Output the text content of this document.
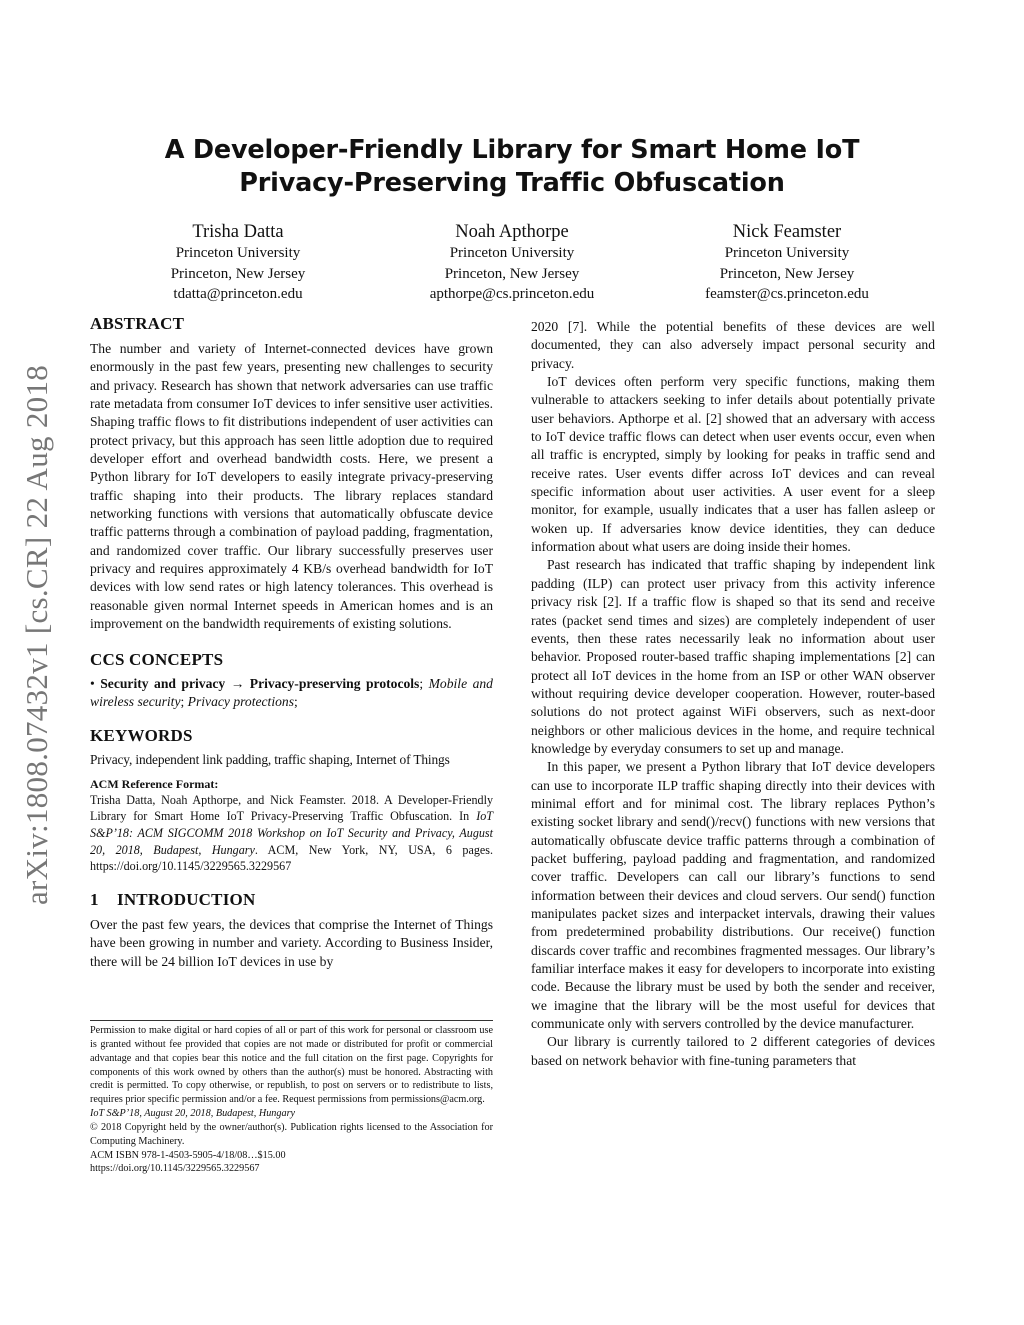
arXiv:1808.07432v1 [cs.CR] 22 Aug 2018
A Developer-Friendly Library for Smart Home IoT
Privacy-Preserving Traffic Obfuscation
Trisha Datta
Princeton University
Princeton, New Jersey
tdatta@princeton.edu
Noah Apthorpe
Princeton University
Princeton, New Jersey
apthorpe@cs.princeton.edu
Nick Feamster
Princeton University
Princeton, New Jersey
feamster@cs.princeton.edu
ABSTRACT

The number and variety of Internet-connected devices have grown enormously in the past few years, presenting new challenges to security and privacy. Research has shown that network adversaries can use traffic rate metadata from consumer IoT devices to infer sensitive user activities. Shaping traffic flows to fit distributions independent of user activities can protect privacy, but this approach has seen little adoption due to required developer effort and overhead bandwidth costs. Here, we present a Python library for IoT developers to easily integrate privacy-preserving traffic shaping into their products. The library replaces standard networking functions with versions that automatically obfuscate device traffic patterns through a combination of payload padding, fragmentation, and randomized cover traffic. Our library successfully preserves user privacy and requires approximately 4 KB/s overhead bandwidth for IoT devices with low send rates or high latency tolerances. This overhead is reasonable given normal Internet speeds in American homes and is an improvement on the bandwidth requirements of existing solutions.

CCS CONCEPTS

• Security and privacy → Privacy-preserving protocols; Mobile and wireless security; Privacy protections;

KEYWORDS

Privacy, independent link padding, traffic shaping, Internet of Things

ACM Reference Format:

Trisha Datta, Noah Apthorpe, and Nick Feamster. 2018. A Developer-Friendly Library for Smart Home IoT Privacy-Preserving Traffic Obfuscation. In IoT S&P’18: ACM SIGCOMM 2018 Workshop on IoT Security and Privacy, August 20, 2018, Budapest, Hungary. ACM, New York, NY, USA, 6 pages. https://doi.org/10.1145/3229565.3229567

1 INTRODUCTION

Over the past few years, the devices that comprise the Internet of Things have been growing in number and variety. According to Business Insider, there will be 24 billion IoT devices in use by

Permission to make digital or hard copies of all or part of this work for personal or classroom use is granted without fee provided that copies are not made or distributed for profit or commercial advantage and that copies bear this notice and the full citation on the first page. Copyrights for components of this work owned by others than the author(s) must be honored. Abstracting with credit is permitted. To copy otherwise, or republish, to post on servers or to redistribute to lists, requires prior specific permission and/or a fee. Request permissions from permissions@acm.org.

IoT S&P’18, August 20, 2018, Budapest, Hungary

© 2018 Copyright held by the owner/author(s). Publication rights licensed to the Association for Computing Machinery.

ACM ISBN 978-1-4503-5905-4/18/08…$15.00

https://doi.org/10.1145/3229565.3229567

2020 [7]. While the potential benefits of these devices are well documented, they can also adversely impact personal security and privacy.

IoT devices often perform very specific functions, making them vulnerable to attackers seeking to infer details about potentially private user behaviors. Apthorpe et al. [2] showed that an adversary with access to IoT device traffic flows can detect when user events occur, even when all traffic is encrypted, simply by looking for peaks in traffic send and receive rates. User events differ across IoT devices and can reveal specific information about user activities. A user event for a sleep monitor, for example, usually indicates that a user has fallen asleep or woken up. If adversaries know device identities, they can deduce information about what users are doing inside their homes.

Past research has indicated that traffic shaping by independent link padding (ILP) can protect user privacy from this activity inference privacy risk [2]. If a traffic flow is shaped so that its send and receive rates (packet send times and sizes) are completely independent of user events, then these rates necessarily leak no information about user behavior. Proposed router-based traffic shaping implementations [2] can protect all IoT devices in the home from an ISP or other WAN observer without requiring device developer cooperation. However, router-based solutions do not protect against WiFi observers, such as next-door neighbors or other malicious devices in the home, and require technical knowledge by everyday consumers to set up and manage.

In this paper, we present a Python library that IoT device developers can use to incorporate ILP traffic shaping directly into their devices with minimal effort and for minimal cost. The library replaces Python’s existing socket library and send()/recv() functions with new versions that automatically obfuscate device traffic patterns through a combination of packet buffering, payload padding and fragmentation, and randomized cover traffic. Developers can call our library’s functions to send information between their devices and cloud servers. Our send() function manipulates packet sizes and interpacket intervals, drawing their values from predetermined probability distributions. Our receive() function discards cover traffic and recombines fragmented messages. Our library’s familiar interface makes it easy for developers to incorporate into existing code. Because the library must be used by both the sender and receiver, we imagine that the library will be the most useful for devices that communicate only with servers controlled by the device manufacturer.

Our library is currently tailored to 2 different categories of devices based on network behavior with fine-tuning parameters that
